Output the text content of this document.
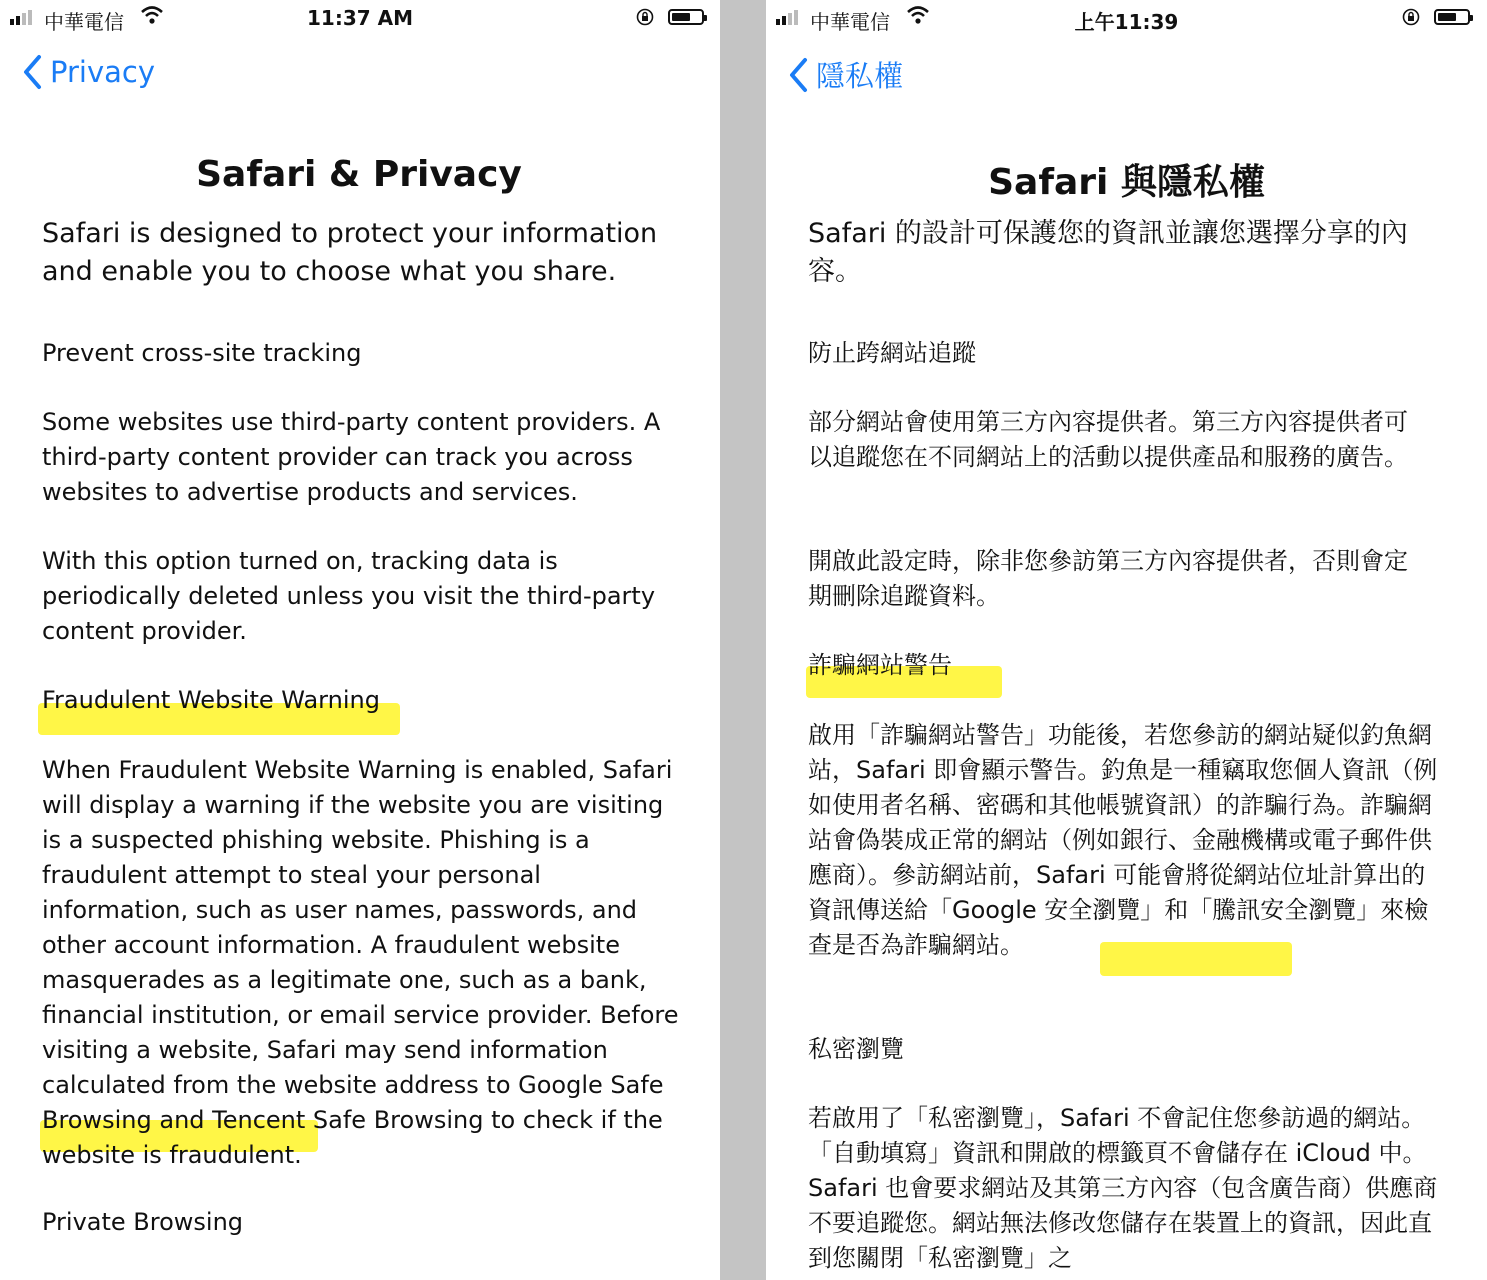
中華電信	11:37 AM
Privacy
Safari & Privacy
Safari is designed to protect your information and enable you to choose what you share.
Prevent cross-site tracking
Some websites use third-party content providers. A third-party content provider can track you across websites to advertise products and services.
With this option turned on, tracking data is periodically deleted unless you visit the third-party content provider.
Fraudulent Website Warning
When Fraudulent Website Warning is enabled, Safari will display a warning if the website you are visiting is a suspected phishing website. Phishing is a fraudulent attempt to steal your personal information, such as user names, passwords, and other account information. A fraudulent website masquerades as a legitimate one, such as a bank, financial institution, or email service provider. Before visiting a website, Safari may send information calculated from the website address to Google Safe Browsing and Tencent Safe Browsing to check if the website is fraudulent.
Private Browsing
中華電信	上午11:39
隱私權
Safari 與隱私權
Safari 的設計可保護您的資訊並讓您選擇分享的內容。
防止跨網站追蹤
部分網站會使用第三方內容提供者。第三方內容提供者可以追蹤您在不同網站上的活動以提供產品和服務的廣告。
開啟此設定時，除非您參訪第三方內容提供者，否則會定期刪除追蹤資料。
詐騙網站警告
啟用「詐騙網站警告」功能後，若您參訪的網站疑似釣魚網站，Safari 即會顯示警告。釣魚是一種竊取您個人資訊（例如使用者名稱、密碼和其他帳號資訊）的詐騙行為。詐騙網站會偽裝成正常的網站（例如銀行、金融機構或電子郵件供應商）。參訪網站前，Safari 可能會將從網站位址計算出的資訊傳送給「Google 安全瀏覽」和「騰訊安全瀏覽」來檢查是否為詐騙網站。
私密瀏覽
若啟用了「私密瀏覽」，Safari 不會記住您參訪過的網站。「自動填寫」資訊和開啟的標籤頁不會儲存在 iCloud 中。Safari 也會要求網站及其第三方內容（包含廣告商）供應商不要追蹤您。網站無法修改您儲存在裝置上的資訊，因此直到您關閉「私密瀏覽」之
